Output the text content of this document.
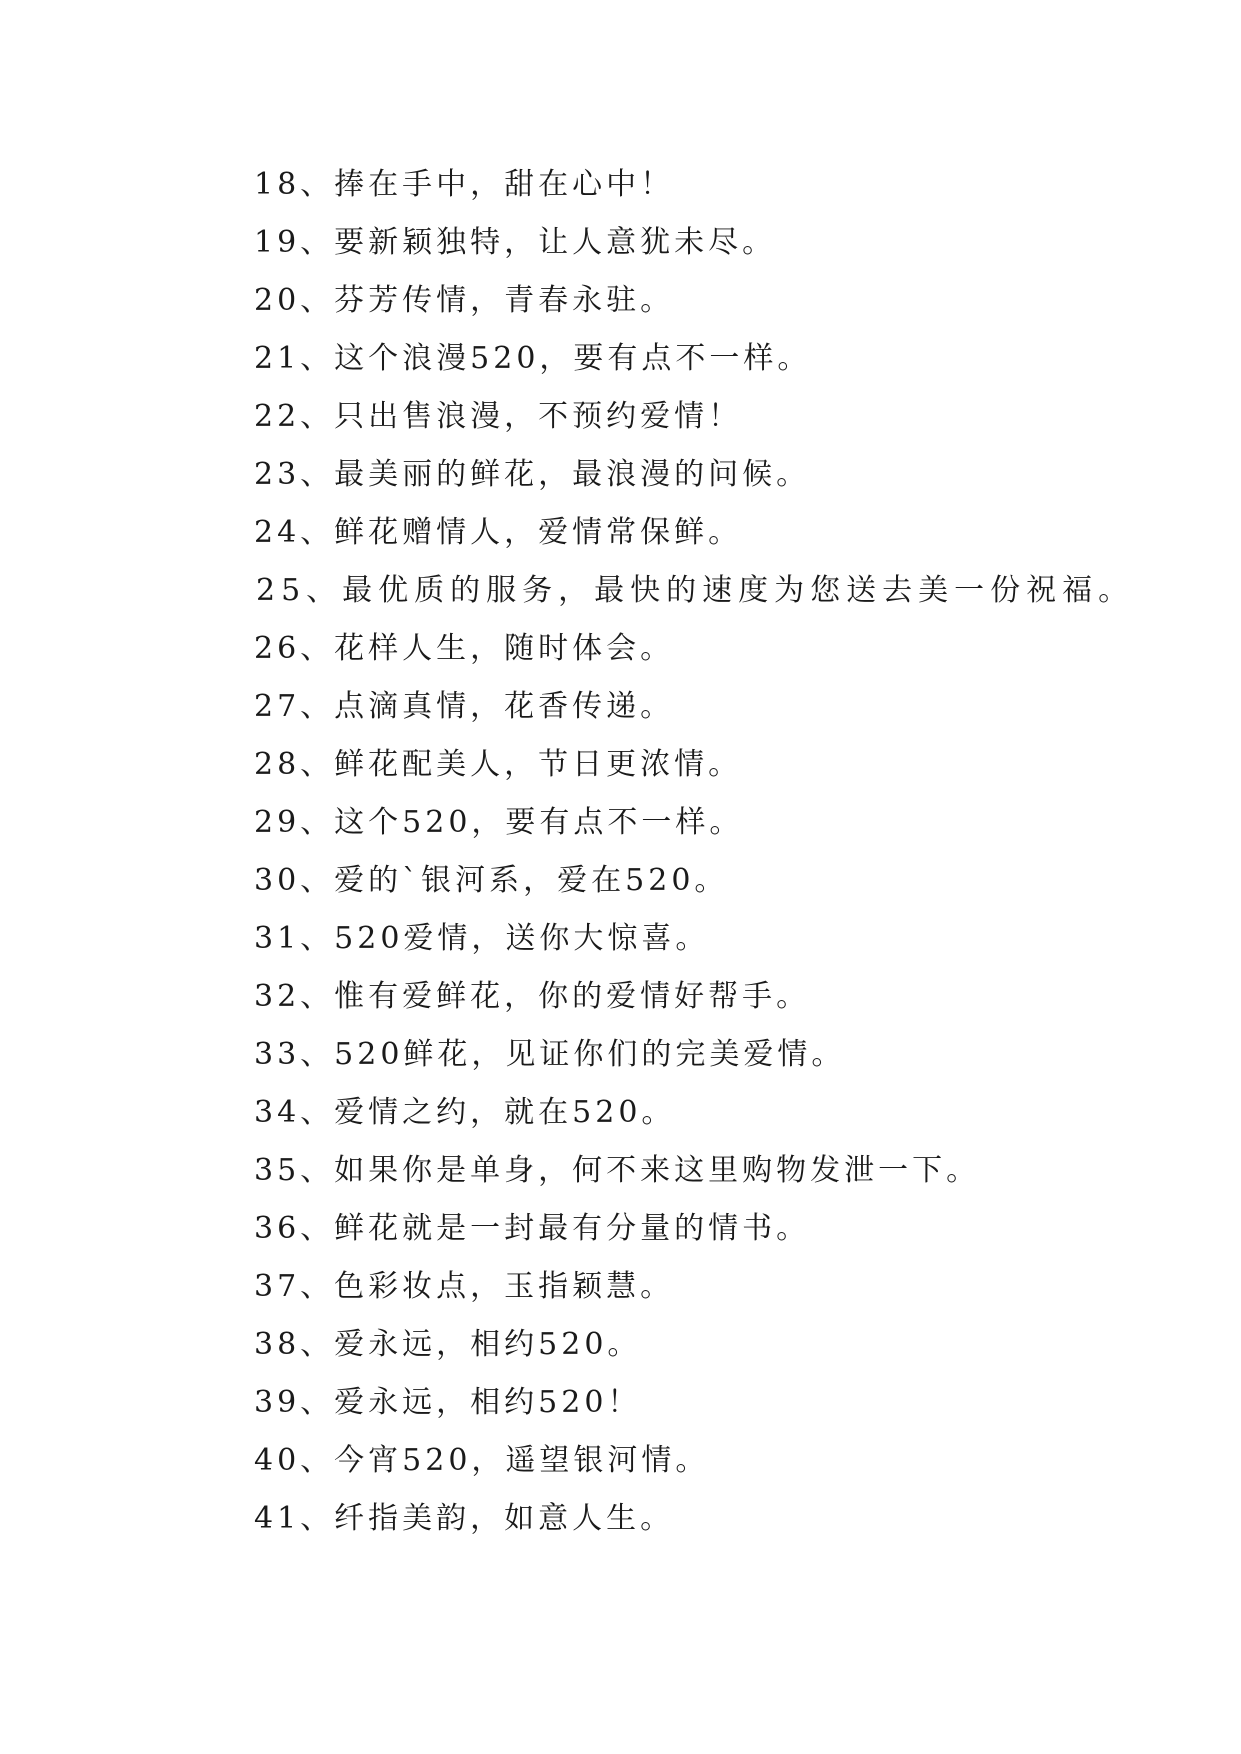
18、捧在手中，甜在心中！
19、要新颖独特，让人意犹未尽。
20、芬芳传情，青春永驻。
21、这个浪漫520，要有点不一样。
22、只出售浪漫，不预约爱情！
23、最美丽的鲜花，最浪漫的问候。
24、鲜花赠情人，爱情常保鲜。
25、最优质的服务，最快的速度为您送去美一份祝福。
26、花样人生，随时体会。
27、点滴真情，花香传递。
28、鲜花配美人，节日更浓情。
29、这个520，要有点不一样。
30、爱的`银河系，爱在520。
31、520爱情，送你大惊喜。
32、惟有爱鲜花，你的爱情好帮手。
33、520鲜花，见证你们的完美爱情。
34、爱情之约，就在520。
35、如果你是单身，何不来这里购物发泄一下。
36、鲜花就是一封最有分量的情书。
37、色彩妆点，玉指颖慧。
38、爱永远，相约520。
39、爱永远，相约520！
40、今宵520，遥望银河情。
41、纤指美韵，如意人生。
